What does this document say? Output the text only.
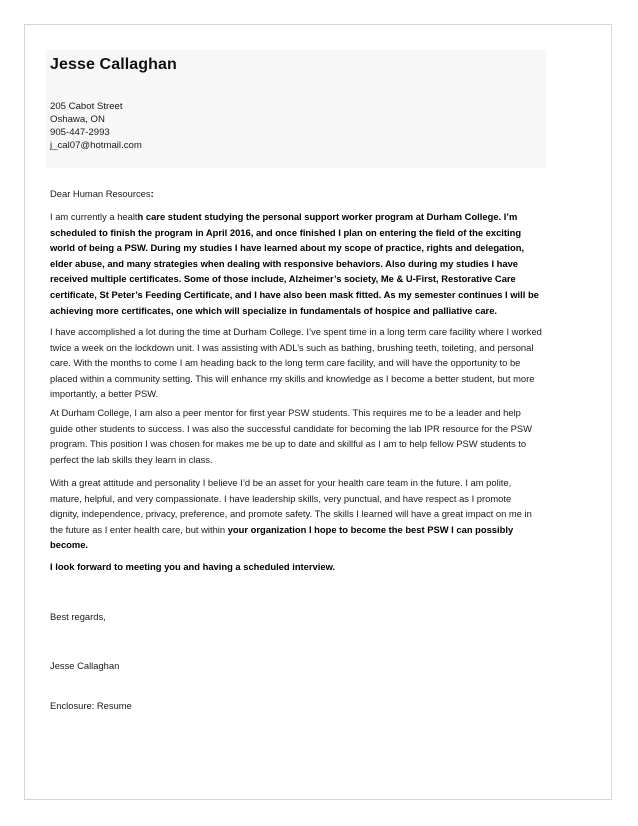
Jesse Callaghan
205 Cabot Street
Oshawa, ON
905-447-2993
j_cal07@hotmail.com
Dear Human Resources:

I am currently a health care student studying the personal support worker program at Durham College. I’m scheduled to finish the program in April 2016, and once finished I plan on entering the field of the exciting world of being a PSW. During my studies I have learned about my scope of practice, rights and delegation, elder abuse, and many strategies when dealing with responsive behaviors. Also during my studies I have received multiple certificates. Some of those include, Alzheimer’s society, Me & U-First, Restorative Care certificate, St Peter’s Feeding Certificate, and I have also been mask fitted. As my semester continues I will be achieving more certificates, one which will specialize in fundamentals of hospice and palliative care.

I have accomplished a lot during the time at Durham College. I’ve spent time in a long term care facility where I worked twice a week on the lockdown unit. I was assisting with ADL’s such as bathing, brushing teeth, toileting, and personal care. With the months to come I am heading back to the long term care facility, and will have the opportunity to be placed within a community setting. This will enhance my skills and knowledge as I become a better student, but more importantly, a better PSW.

At Durham College, I am also a peer mentor for first year PSW students. This requires me to be a leader and help guide other students to success. I was also the successful candidate for becoming the lab IPR resource for the PSW program. This position I was chosen for makes me be up to date and skillful as I am to help fellow PSW students to perfect the lab skills they learn in class.

With a great attitude and personality I believe I’d be an asset for your health care team in the future. I am polite, mature, helpful, and very compassionate. I have leadership skills, very punctual, and have respect as I promote dignity, independence, privacy, preference, and promote safety. The skills I learned will have a great impact on me in the future as I enter health care, but within your organization I hope to become the best PSW I can possibly become.

I look forward to meeting you and having a scheduled interview.

Best regards,

Jesse Callaghan

Enclosure: Resume
